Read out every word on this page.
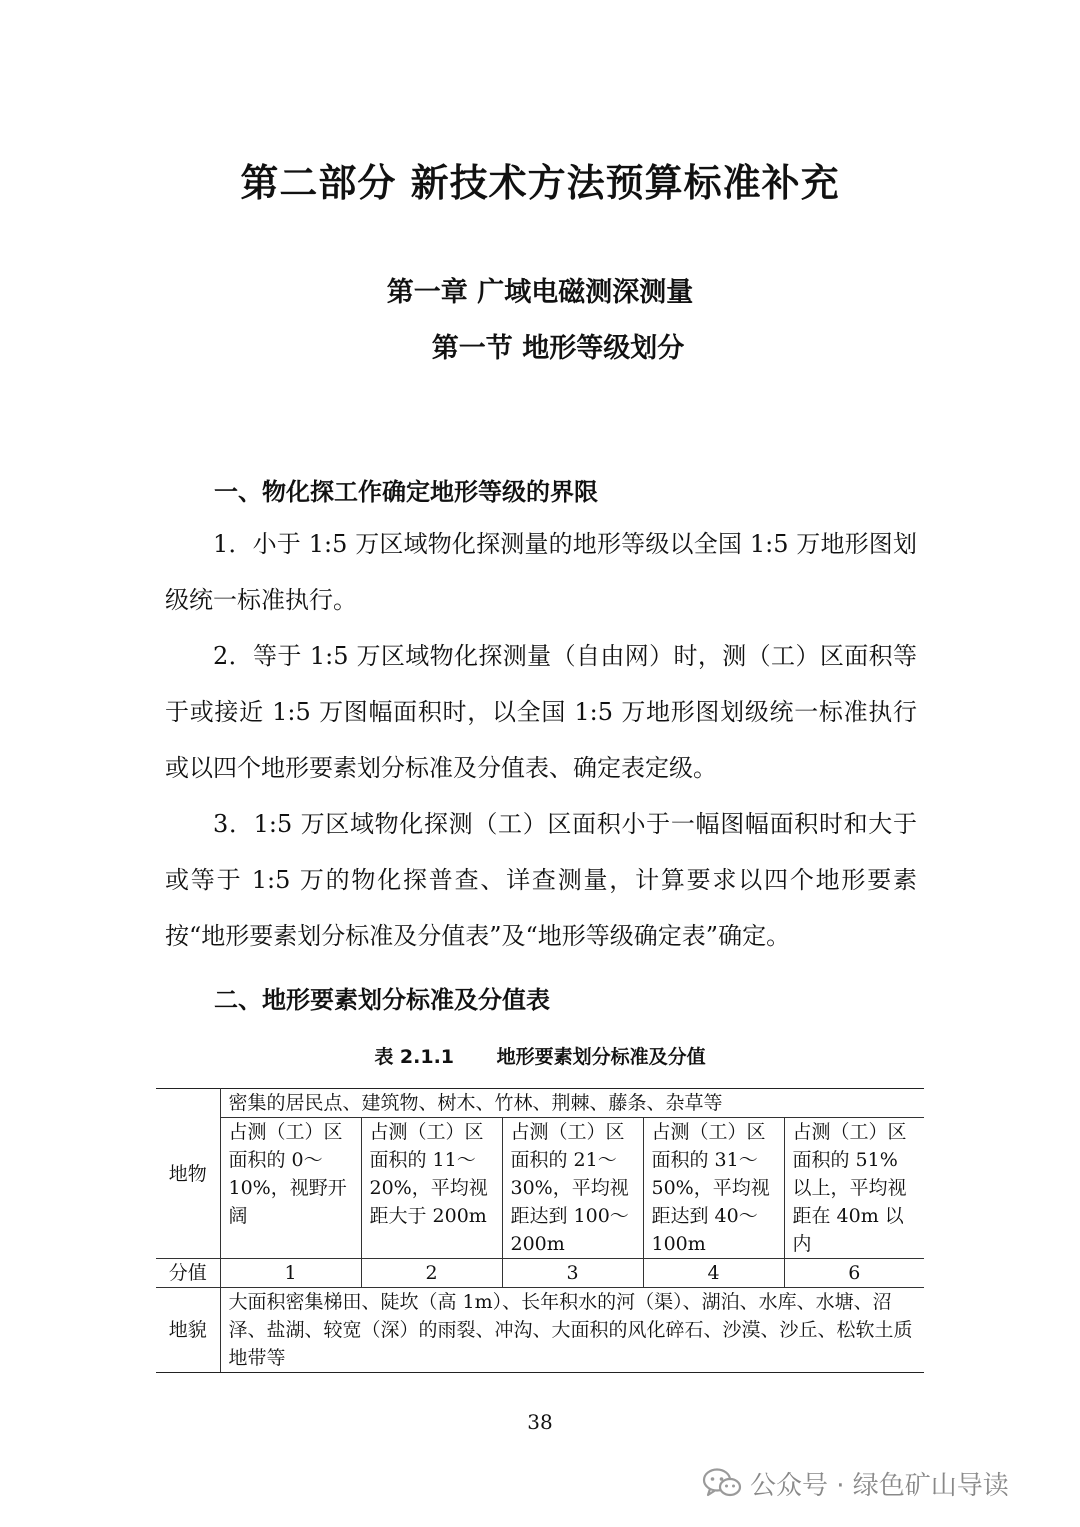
第二部分 新技术方法预算标准补充
第一章 广域电磁测深测量
第一节 地形等级划分
一、物化探工作确定地形等级的界限

1．小于 1:5 万区域物化探测量的地形等级以全国 1:5 万地形图划级统一标准执行。

2．等于 1:5 万区域物化探测量（自由网）时，测（工）区面积等于或接近 1:5 万图幅面积时，以全国 1:5 万地形图划级统一标准执行或以四个地形要素划分标准及分值表、确定表定级。

3．1:5 万区域物化探测（工）区面积小于一幅图幅面积时和大于或等于 1:5 万的物化探普查、详查测量，计算要求以四个地形要素按“地形要素划分标准及分值表”及“地形等级确定表”确定。

二、地形要素划分标准及分值表
表 2.1.1 地形要素划分标准及分值
地物	密集的居民点、建筑物、树木、竹林、荆棘、藤条、杂草等				
	占测（工）区面积的 0～10%，视野开阔	占测（工）区面积的 11～20%，平均视距大于 200m	占测（工）区面积的 21～30%，平均视距达到 100～200m	占测（工）区面积的 31～50%，平均视距达到 40～100m	占测（工）区面积的 51%以上，平均视距在 40m 以内
分值	1	2	3	4	6
地貌	大面积密集梯田、陡坎（高 1m）、长年积水的河（渠）、湖泊、水库、水塘、沼泽、盐湖、较宽（深）的雨裂、冲沟、大面积的风化碎石、沙漠、沙丘、松软土质地带等				
38
公众号 · 绿色矿山导读
